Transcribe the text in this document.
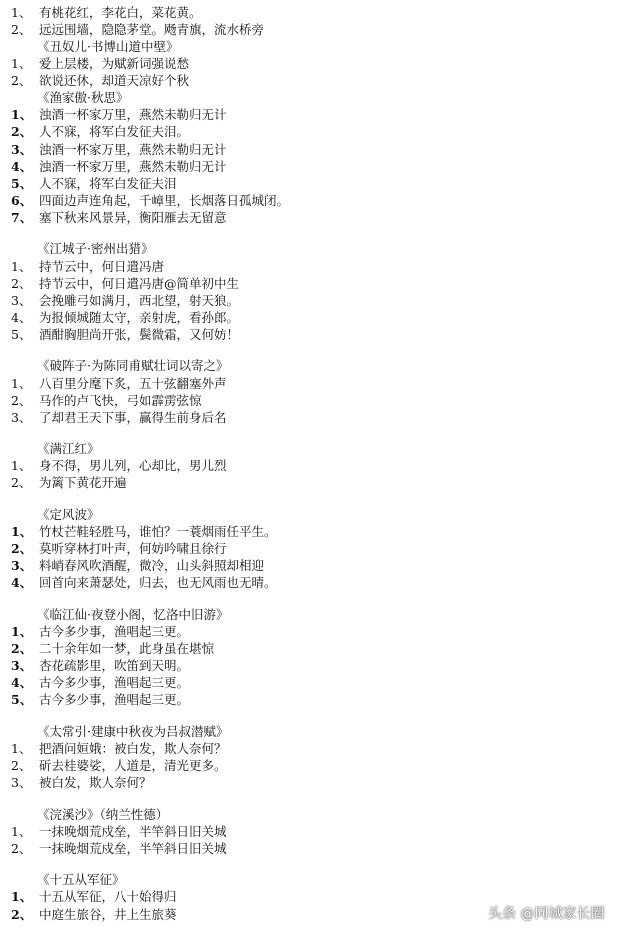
1、 有桃花红，李花白，菜花黄。
2、 远远围墙，隐隐茅堂。飏青旗，流水桥旁
《丑奴儿·书博山道中壁》
1、 爱上层楼，为赋新词强说愁
2、 欲说还休，却道天凉好个秋
《渔家傲·秋思》
1、 浊酒一杯家万里，燕然未勒归无计
2、 人不寐，将军白发征夫泪。
3、 浊酒一杯家万里，燕然未勒归无计
4、 浊酒一杯家万里，燕然未勒归无计
5、 人不寐，将军白发征夫泪
6、 四面边声连角起，千嶂里，长烟落日孤城闭。
7、 塞下秋来风景异，衡阳雁去无留意
《江城子·密州出猎》
1、 持节云中，何日遣冯唐
2、 持节云中，何日遣冯唐@简单初中生
3、 会挽雕弓如满月，西北望，射天狼。
4、 为报倾城随太守，亲射虎，看孙郎。
5、 酒酣胸胆尚开张，鬓微霜，又何妨！
《破阵子·为陈同甫赋壮词以寄之》
1、 八百里分麾下炙，五十弦翻塞外声
2、 马作的卢飞快，弓如霹雳弦惊
3、 了却君王天下事，赢得生前身后名
《满江红》
1、 身不得，男儿列，心却比，男儿烈
2、 为篱下黄花开遍
《定风波》
1、 竹杖芒鞋轻胜马，谁怕？一蓑烟雨任平生。
2、 莫听穿林打叶声，何妨吟啸且徐行
3、 料峭春风吹酒醒，微冷，山头斜照却相迎
4、 回首向来萧瑟处，归去，也无风雨也无晴。
《临江仙·夜登小阁，忆洛中旧游》
1、 古今多少事，渔唱起三更。
2、 二十余年如一梦，此身虽在堪惊
3、 杏花疏影里，吹笛到天明。
4、 古今多少事，渔唱起三更。
5、 古今多少事，渔唱起三更。
《太常引·建康中秋夜为吕叔潜赋》
1、 把酒问姮娥：被白发，欺人奈何？
2、 斫去桂婆娑，人道是，清光更多。
3、 被白发，欺人奈何？
《浣溪沙》（纳兰性德）
1、 一抹晚烟荒戍垒，半竿斜日旧关城
2、 一抹晚烟荒戍垒，半竿斜日旧关城
《十五从军征》
1、 十五从军征，八十始得归
2、 中庭生旅谷，井上生旅葵	头条 @同城家长圈
